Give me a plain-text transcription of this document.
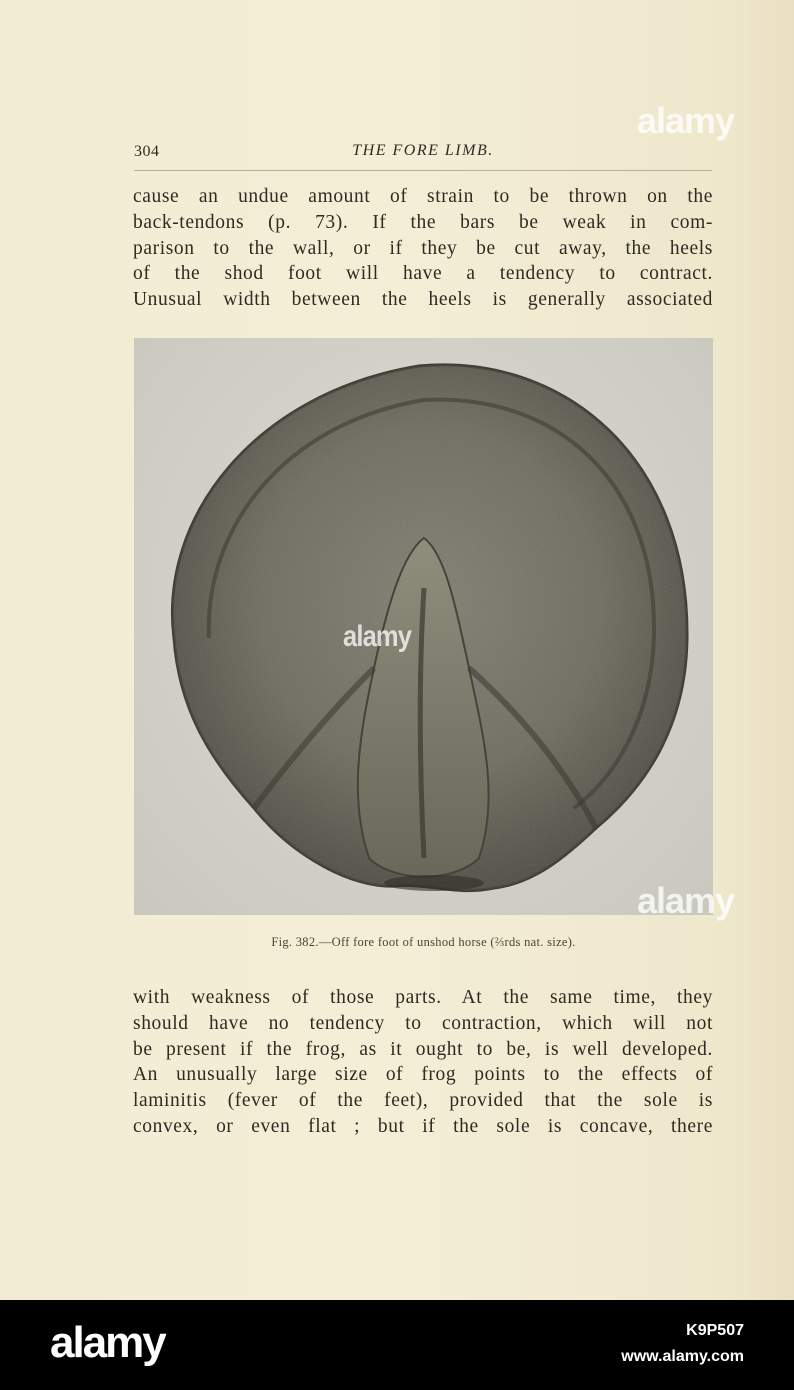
304	THE FORE LIMB.
cause an undue amount of strain to be thrown on the
back-tendons (p. 73). If the bars be weak in com-
parison to the wall, or if they be cut away, the heels
of the shod foot will have a tendency to contract.
Unusual width between the heels is generally associated
Fig. 382.—Off fore foot of unshod horse (⅔rds nat. size).
with weakness of those parts. At the same time, they
should have no tendency to contraction, which will not
be present if the frog, as it ought to be, is well developed.
An unusually large size of frog points to the effects of
laminitis (fever of the feet), provided that the sole is
convex, or even flat ; but if the sole is concave, there
alamy
alamy
alamy
alamy	K9P507
www.alamy.com
